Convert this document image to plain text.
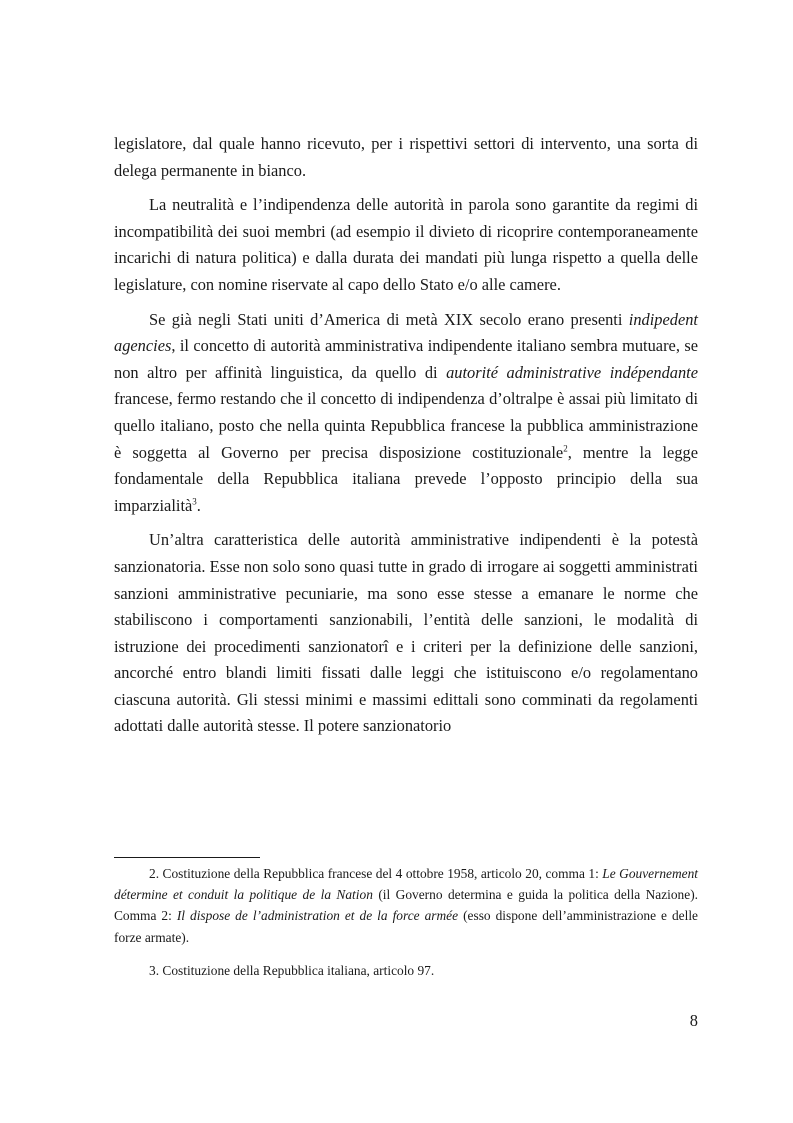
legislatore, dal quale hanno ricevuto, per i rispettivi settori di intervento, una sorta di delega permanente in bianco.

La neutralità e l’indipendenza delle autorità in parola sono garantite da regimi di incompatibilità dei suoi membri (ad esempio il divieto di ricoprire contemporaneamente incarichi di natura politica) e dalla durata dei mandati più lunga rispetto a quella delle legislature, con nomine riservate al capo dello Stato e/o alle camere.

Se già negli Stati uniti d’America di metà XIX secolo erano presenti indipedent agencies, il concetto di autorità amministrativa indipendente italiano sembra mutuare, se non altro per affinità linguistica, da quello di autorité administrative indépendante francese, fermo restando che il concetto di indipendenza d’oltralpe è assai più limitato di quello italiano, posto che nella quinta Repubblica francese la pubblica amministrazione è soggetta al Governo per precisa disposizione costituzionale$^2$, mentre la legge fondamentale della Repubblica italiana prevede l’opposto principio della sua imparzialità$^3$.

Un’altra caratteristica delle autorità amministrative indipendenti è la potestà sanzionatoria. Esse non solo sono quasi tutte in grado di irrogare ai soggetti amministrati sanzioni amministrative pecuniarie, ma sono esse stesse a emanare le norme che stabiliscono i comportamenti sanzionabili, l’entità delle sanzioni, le modalità di istruzione dei procedimenti sanzionatorî e i criteri per la definizione delle sanzioni, ancorché entro blandi limiti fissati dalle leggi che istituiscono e/o regolamentano ciascuna autorità. Gli stessi minimi e massimi edittali sono comminati da regolamenti adottati dalle autorità stesse. Il potere sanzionatorio

2. Costituzione della Repubblica francese del 4 ottobre 1958, articolo 20, comma 1: Le Gouvernement détermine et conduit la politique de la Nation (il Governo determina e guida la politica della Nazione). Comma 2: Il dispose de l’administration et de la force armée (esso dispone dell’amministrazione e delle forze armate).

3. Costituzione della Repubblica italiana, articolo 97.

8
